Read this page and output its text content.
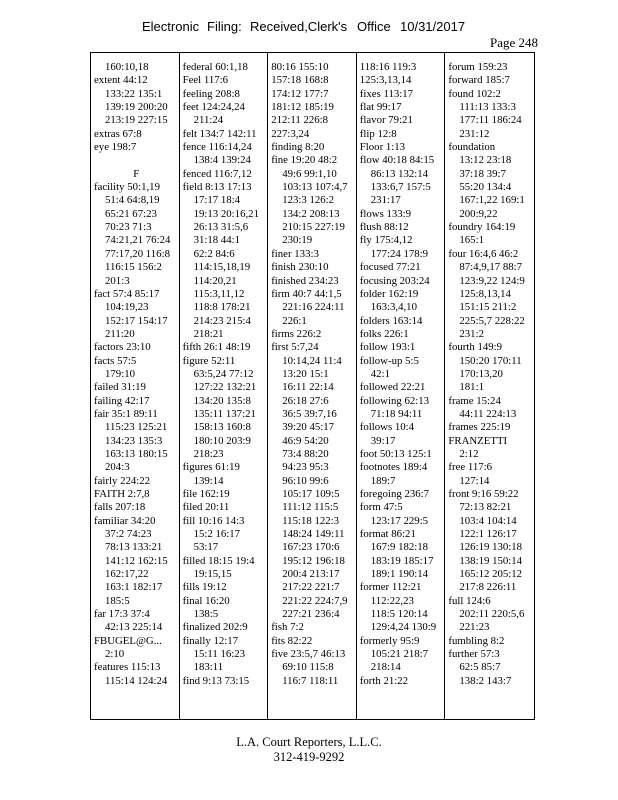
Electronic Filing: Received,Clerk's Office 10/31/2017
Page 248
160:10,18
extent 44:12
133:22 135:1
139:19 200:20
213:19 227:15
extras 67:8
eye 198:7
F
facility 50:1,19
51:4 64:8,19
65:21 67:23
70:23 71:3
74:21,21 76:24
77:17,20 116:8
116:15 156:2
201:3
fact 57:4 85:17
104:19,23
152:17 154:17
211:20
factors 23:10
facts 57:5
179:10
failed 31:19
failing 42:17
fair 35:1 89:11
115:23 125:21
134:23 135:3
163:13 180:15
204:3
fairly 224:22
FAITH 2:7,8
falls 207:18
familiar 34:20
37:2 74:23
78:13 133:21
141:12 162:15
162:17,22
163:1 182:17
185:5
far 17:3 37:4
42:13 225:14
FBUGEL@G...
2:10
features 115:13
115:14 124:24
federal 60:1,18
Feel 117:6
feeling 208:8
feet 124:24,24
211:24
felt 134:7 142:11
fence 116:14,24
138:4 139:24
fenced 116:7,12
field 8:13 17:13
17:17 18:4
19:13 20:16,21
26:13 31:5,6
31:18 44:1
62:2 84:6
114:15,18,19
114:20,21
115:3,11,12
118:8 178:21
214:23 215:4
218:21
fifth 26:1 48:19
figure 52:11
63:5,24 77:12
127:22 132:21
134:20 135:8
135:11 137:21
158:13 160:8
180:10 203:9
218:23
figures 61:19
139:14
file 162:19
filed 20:11
fill 10:16 14:3
15:2 16:17
53:17
filled 18:15 19:4
19:15,15
fills 19:12
final 16:20
138:5
finalized 202:9
finally 12:17
15:11 16:23
183:11
find 9:13 73:15
80:16 155:10
157:18 168:8
174:12 177:7
181:12 185:19
212:11 226:8
227:3,24
finding 8:20
fine 19:20 48:2
49:6 99:1,10
103:13 107:4,7
123:3 126:2
134:2 208:13
210:15 227:19
230:19
finer 133:3
finish 230:10
finished 234:23
firm 40:7 44:1,5
221:16 224:11
226:1
firms 226:2
first 5:7,24
10:14,24 11:4
13:20 15:1
16:11 22:14
26:18 27:6
36:5 39:7,16
39:20 45:17
46:9 54:20
73:4 88:20
94:23 95:3
96:10 99:6
105:17 109:5
111:12 115:5
115:18 122:3
148:24 149:11
167:23 170:6
195:12 196:18
200:4 213:17
217:22 221:7
221:22 224:7,9
227:21 236:4
fish 7:2
fits 82:22
five 23:5,7 46:13
69:10 115:8
116:7 118:11
118:16 119:3
125:3,13,14
fixes 113:17
flat 99:17
flavor 79:21
flip 12:8
Floor 1:13
flow 40:18 84:15
86:13 132:14
133:6,7 157:5
231:17
flows 133:9
flush 88:12
fly 175:4,12
177:24 178:9
focused 77:21
focusing 203:24
folder 162:19
163:3,4,10
folders 163:14
folks 226:1
follow 193:1
follow-up 5:5
42:1
followed 22:21
following 62:13
71:18 94:11
follows 10:4
39:17
foot 50:13 125:1
footnotes 189:4
189:7
foregoing 236:7
form 47:5
123:17 229:5
format 86:21
167:9 182:18
183:19 185:17
189:1 190:14
former 112:21
112:22,23
118:5 120:14
129:4,24 130:9
formerly 95:9
105:21 218:7
218:14
forth 21:22
forum 159:23
forward 185:7
found 102:2
111:13 133:3
177:11 186:24
231:12
foundation
13:12 23:18
37:18 39:7
55:20 134:4
167:1,22 169:1
200:9,22
foundry 164:19
165:1
four 16:4,6 46:2
87:4,9,17 88:7
123:9,22 124:9
125:8,13,14
151:15 211:2
225:5,7 228:22
231:2
fourth 149:9
150:20 170:11
170:13,20
181:1
frame 15:24
44:11 224:13
frames 225:19
FRANZETTI
2:12
free 117:6
127:14
front 9:16 59:22
72:13 82:21
103:4 104:14
122:1 126:17
126:19 130:18
138:19 150:14
165:12 205:12
217:8 226:11
full 124:6
202:11 220:5,6
221:23
fumbling 8:2
further 57:3
62:5 85:7
138:2 143:7
L.A. Court Reporters, L.L.C.
312-419-9292
